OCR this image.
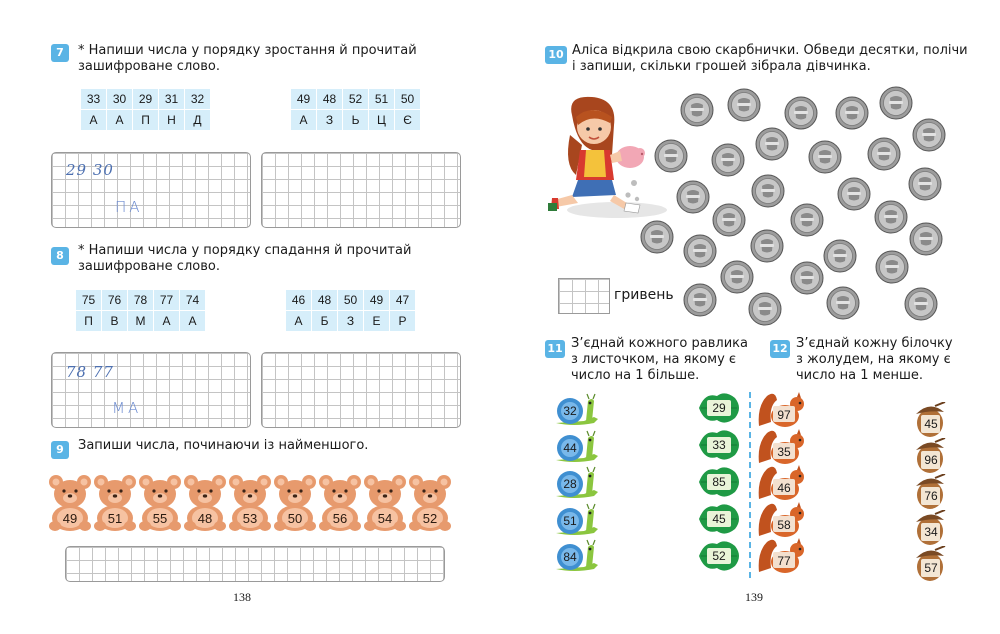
7	* Напиши числа у порядку зростання й прочитай
зашифроване слово.
33	30	29	31	32
А	А	П	Н	Д
49	48	52	51	50
А	З	Ь	Ц	Є
29 30
ПА
8	* Напиши числа у порядку спадання й прочитай
зашифроване слово.
75	76	78	77	74
П	В	М	А	А
46	48	50	49	47
А	Б	З	Е	Р
78 77
МА
9	Запиши числа, починаючи із найменшого.
49	51	55	48	53	50	56	54	52
138
10 Аліса відкрила свою скарбнички. Обведи десятки, полічи
і запиши, скільки грошей зібрала дівчинка.
гривень
11 З’єднай кожного равлика
з листочком, на якому є
число на 1 більше.
12 З’єднай кожну білочку
з жолудем, на якому є
число на 1 менше.
32
44
28
51
84
29
33
85
45
52
97
35
46
58
77
45
96
76
34
57
139
